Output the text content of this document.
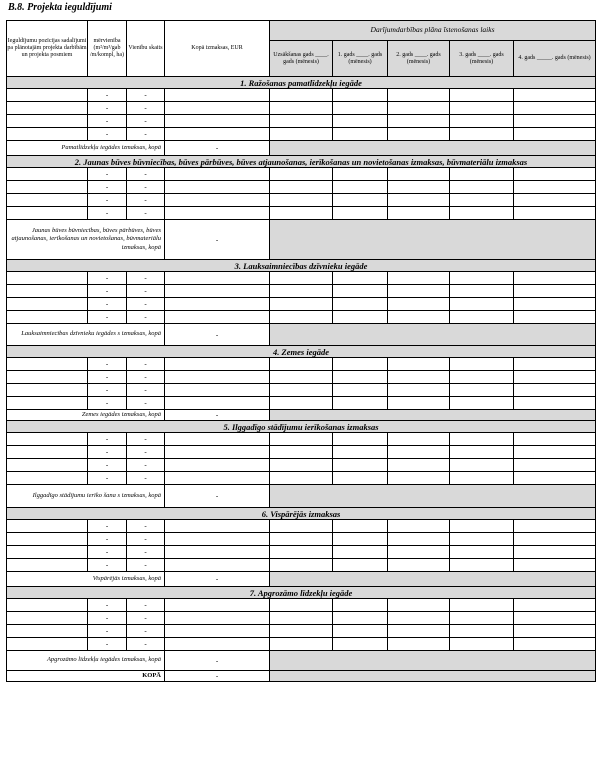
B.8. Projekta ieguldījumi
Ieguldījumu pozīcijas sadalījumi pa plānotajām projekta darbībām un projekta posmiem	mērvienība (m²/m³/gab /m/kompl, ha)	Vienību skaits	Kopā izmaksas, EUR	Darījumdarbības plāna īstenošanas laiks				
				Uzsākšanas gads ____. gads (mēnesis)	1. gads ____. gads (mēnesis)	2. gads ____. gads (mēnesis)	3. gads ____. gads (mēnesis)	4. gads _____. gads (mēnesis)
1. Ražošanas pamatlīdzekļu iegāde								
	-	-						
	-	-						
	-	-						
	-	-						
Pamatlīdzekļu iegādes izmaksas, kopā			-					
2. Jaunas būves būvniecības, būves pārbūves, būves atjaunošanas, ierīkošanas un novietošanas izmaksas, būvmateriālu izmaksas								
	-	-						
	-	-						
	-	-						
	-	-						
Jaunas būves būvniecības, būves pārbūves, būves atjaunošanas, ierīkošanas un novietošanas, būvmateriālu izmaksas, kopā			-					
3. Lauksaimniecības dzīvnieku iegāde								
	-	-						
	-	-						
	-	-						
	-	-						
Lauksaimniecības dzīvnieku iegādes s izmaksas, kopā			-					
4. Zemes iegāde								
	-	-						
	-	-						
	-	-						
	-	-						
Zemes iegādes izmaksas, kopā			-					
5. Ilggadīgo stādījumu ierīkošanas izmaksas								
	-	-						
	-	-						
	-	-						
	-	-						
Ilggadīgo stādījumu ierīko šana s izmaksas, kopā			-					
6. Vispārējās izmaksas								
	-	-						
	-	-						
	-	-						
	-	-						
Vispārējās izmaksas, kopā			-					
7. Apgrozāmo līdzekļu iegāde								
	-	-						
	-	-						
	-	-						
	-	-						
Apgrozāmo līdzekļu iegādes izmaksas, kopā			-					
KOPĀ			-					
